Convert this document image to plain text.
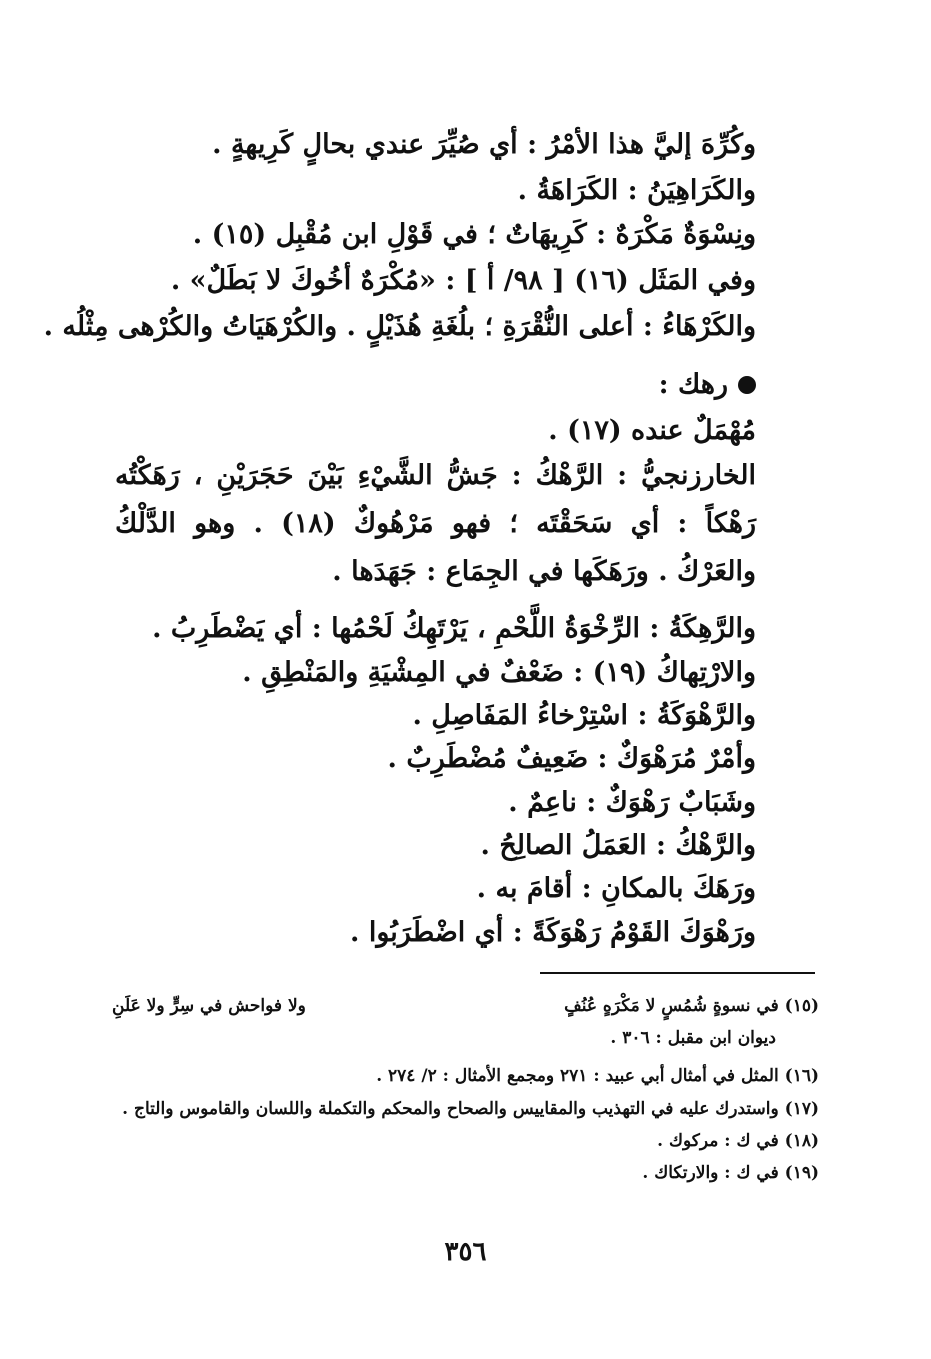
وكُرِّهَ إليَّ هذا الأمْرُ : أي صُيِّرَ عندي بحالٍ كَرِيهةٍ .
والكَرَاهِيَنُ : الكَرَاهَةُ .
ونِسْوَةٌ مَكْرَهٌ : كَرِيهَاتٌ ؛ في قَوْلِ ابن مُقْبِل (١٥) .
وفي المَثَل (١٦) [ ٩٨/ أ ] : «مُكْرَهٌ أخُوكَ لا بَطَلٌ» .
والكَرْهَاءُ : أعلى النُّقْرَةِ ؛ بلُغَةِ هُذَيْلٍ . والكُرْهَيَاتُ والكُرْهى مِثْلُه .
رهك :
مُهْمَلٌ عنده (١٧) .
الخارزنجيُّ : الرَّهْكُ : جَشُّ الشَّيْءِ بَيْنَ حَجَرَيْنِ ، رَهَكْتُه رَهْكاً : أي سَحَقْتَه ؛ فهو مَرْهُوكٌ (١٨) . وهو الدَّلْكُ والعَرْكُ . ورَهَكَها في الجِمَاع : جَهَدَها .
والرَّهِكَةُ : الرِّخْوَةُ اللَّحْمِ ، يَرْتَهِكُ لَحْمُها : أي يَضْطَرِبُ .
والارْتِهاكُ (١٩) : ضَعْفٌ في المِشْيَةِ والمَنْطِقِ .
والرَّهْوَكَةُ : اسْتِرْخاءُ المَفَاصِلِ .
وأمْرٌ مُرَهْوَكٌ : ضَعِيفٌ مُضْطَرِبٌ .
وشَبَابٌ رَهْوَكٌ : ناعِمٌ .
والرَّهْكُ : العَمَلُ الصالِحُ .
ورَهَكَ بالمكانِ : أقامَ به .
ورَهْوَكَ القَوْمُ رَهْوَكَةً : أي اضْطَرَبُوا .
(١٥) في نسوةٍ شُمُسٍ لا مَكْرَهٍ عُنُفٍ
ولا فواحش في سِرٍّ ولا عَلَنِ
ديوان ابن مقبل : ٣٠٦ .
(١٦) المثل في أمثال أبي عبيد : ٢٧١ ومجمع الأمثال : ٢/ ٢٧٤ .
(١٧) واستدرك عليه في التهذيب والمقاييس والصحاح والمحكم والتكملة واللسان والقاموس والتاج .
(١٨) في ك : مركوك .
(١٩) في ك : والارتكاك .
٣٥٦
